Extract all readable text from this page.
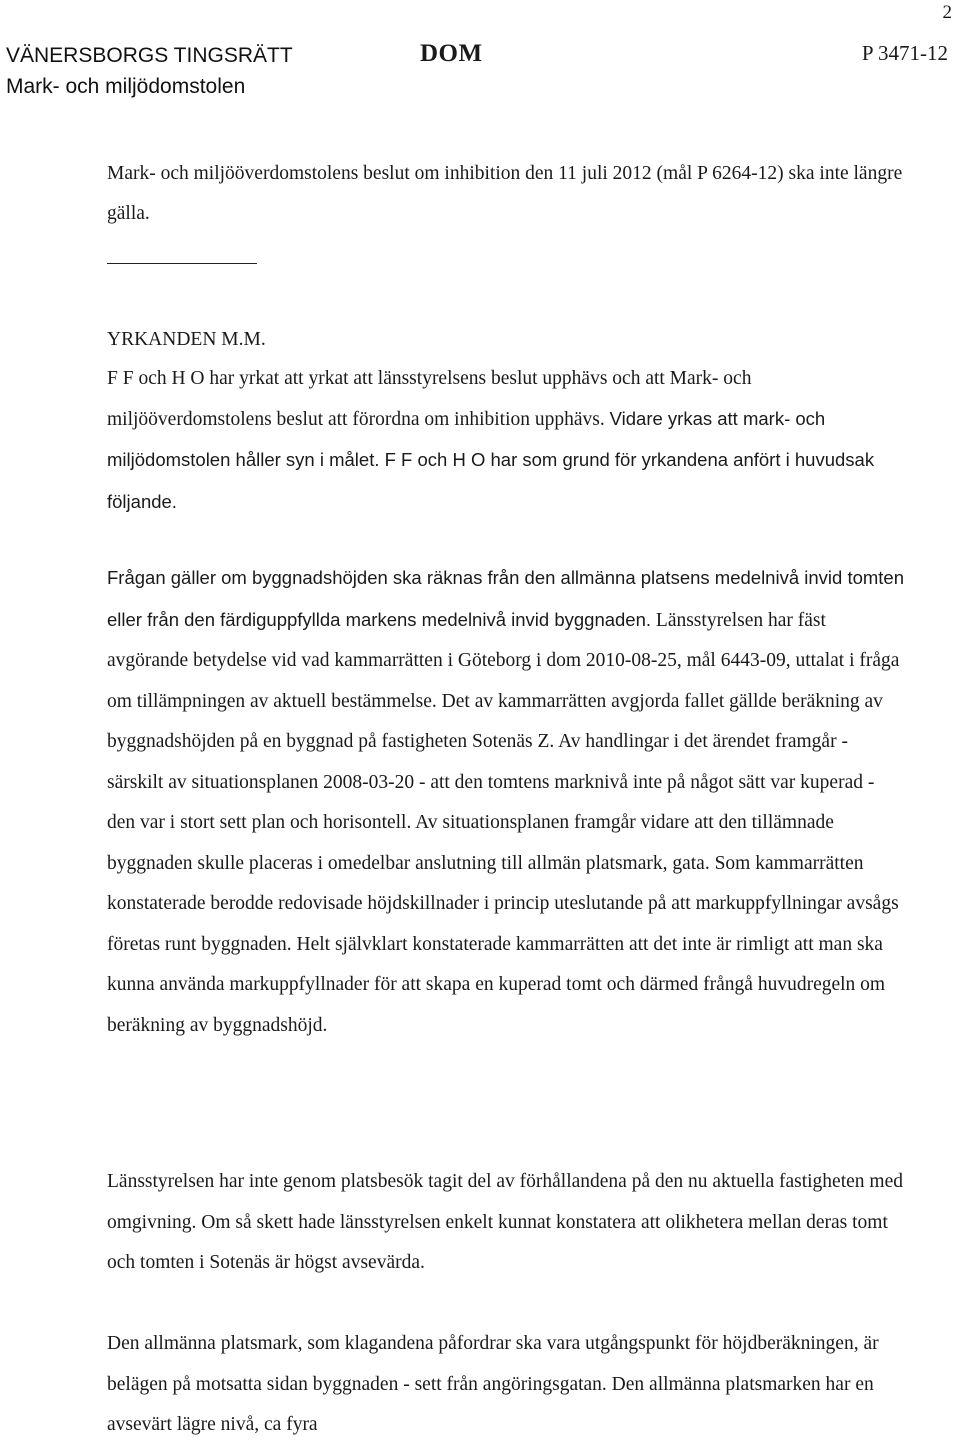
2
VÄNERSBORGS TINGSRÄTT
Mark- och miljödomstolen
DOM	P 3471-12
Mark- och miljööverdomstolens beslut om inhibition den 11 juli 2012 (mål P 6264-12) ska inte längre gälla.
YRKANDEN M.M.
F F och H O har yrkat att yrkat att länsstyrelsens beslut upphävs och att Mark- och miljööverdomstolens beslut att förordna om inhibition upphävs. Vidare yrkas att mark- och miljödomstolen håller syn i målet. F F och H O har som grund för yrkandena anfört i huvudsak följande.
Frågan gäller om byggnadshöjden ska räknas från den allmänna platsens medelnivå invid tomten eller från den färdiguppfyllda markens medelnivå invid byggnaden. Länsstyrelsen har fäst avgörande betydelse vid vad kammarrätten i Göteborg i dom 2010-08-25, mål 6443-09, uttalat i fråga om tillämpningen av aktuell bestämmelse. Det av kammarrätten avgjorda fallet gällde beräkning av byggnadshöjden på en byggnad på fastigheten Sotenäs Z. Av handlingar i det ärendet framgår - särskilt av situationsplanen 2008-03-20 - att den tomtens marknivå inte på något sätt var kuperad - den var i stort sett plan och horisontell. Av situationsplanen framgår vidare att den tillämnade byggnaden skulle placeras i omedelbar anslutning till allmän platsmark, gata. Som kammarrätten konstaterade berodde redovisade höjdskillnader i princip uteslutande på att markuppfyllningar avsågs företas runt byggnaden. Helt självklart konstaterade kammarrätten att det inte är rimligt att man ska kunna använda markuppfyllnader för att skapa en kuperad tomt och därmed frångå huvudregeln om beräkning av byggnadshöjd.
Länsstyrelsen har inte genom platsbesök tagit del av förhållandena på den nu aktuella fastigheten med omgivning. Om så skett hade länsstyrelsen enkelt kunnat konstatera att olikhetera mellan deras tomt och tomten i Sotenäs är högst avsevärda.
Den allmänna platsmark, som klagandena påfordrar ska vara utgångspunkt för höjdberäkningen, är belägen på motsatta sidan byggnaden - sett från angöringsgatan. Den allmänna platsmarken har en avsevärt lägre nivå, ca fyra
